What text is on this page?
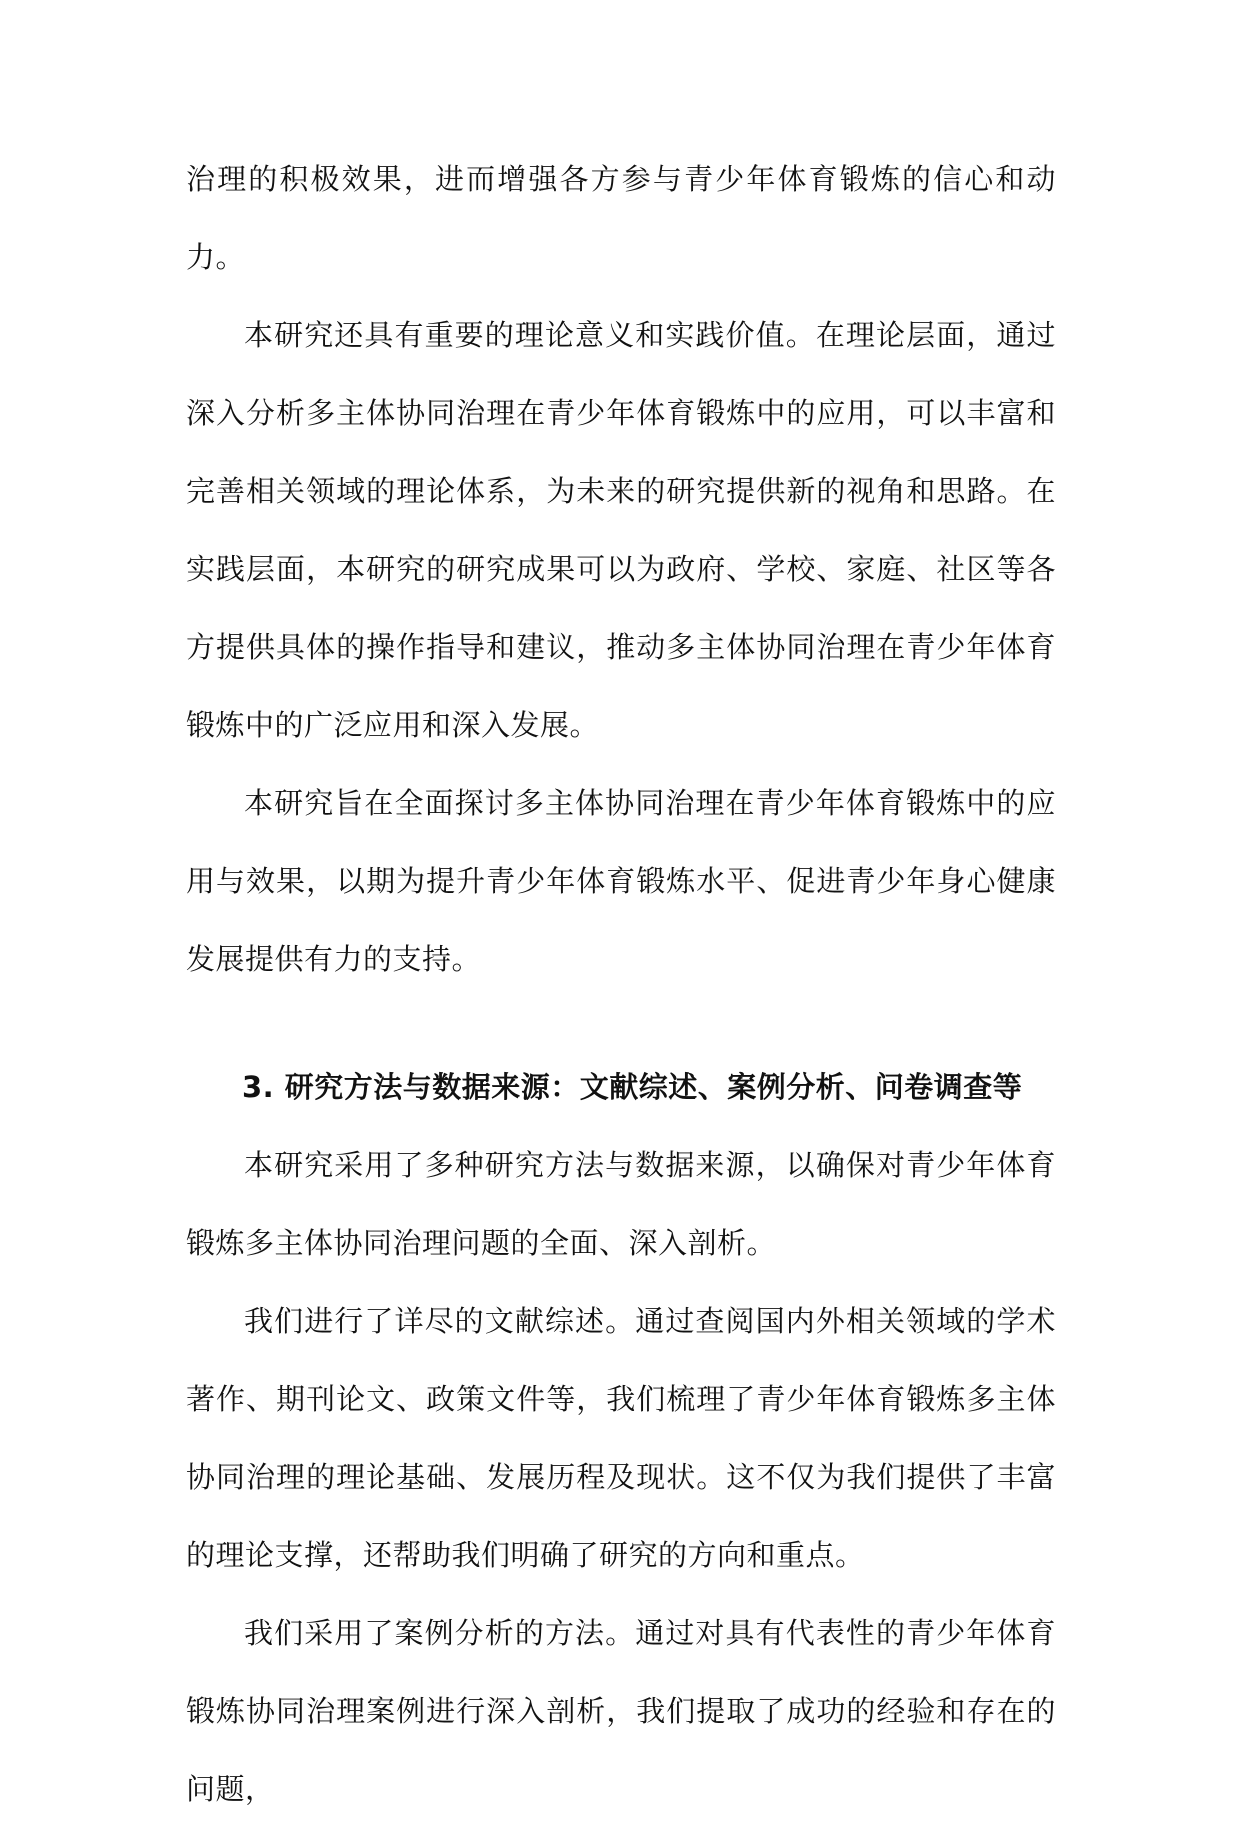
治理的积极效果，进而增强各方参与青少年体育锻炼的信心和动力。

本研究还具有重要的理论意义和实践价值。在理论层面，通过深入分析多主体协同治理在青少年体育锻炼中的应用，可以丰富和完善相关领域的理论体系，为未来的研究提供新的视角和思路。在实践层面，本研究的研究成果可以为政府、学校、家庭、社区等各方提供具体的操作指导和建议，推动多主体协同治理在青少年体育锻炼中的广泛应用和深入发展。

本研究旨在全面探讨多主体协同治理在青少年体育锻炼中的应用与效果，以期为提升青少年体育锻炼水平、促进青少年身心健康发展提供有力的支持。

3. 研究方法与数据来源：文献综述、案例分析、问卷调查等

本研究采用了多种研究方法与数据来源，以确保对青少年体育锻炼多主体协同治理问题的全面、深入剖析。

我们进行了详尽的文献综述。通过查阅国内外相关领域的学术著作、期刊论文、政策文件等，我们梳理了青少年体育锻炼多主体协同治理的理论基础、发展历程及现状。这不仅为我们提供了丰富的理论支撑，还帮助我们明确了研究的方向和重点。

我们采用了案例分析的方法。通过对具有代表性的青少年体育锻炼协同治理案例进行深入剖析，我们提取了成功的经验和存在的问题，
